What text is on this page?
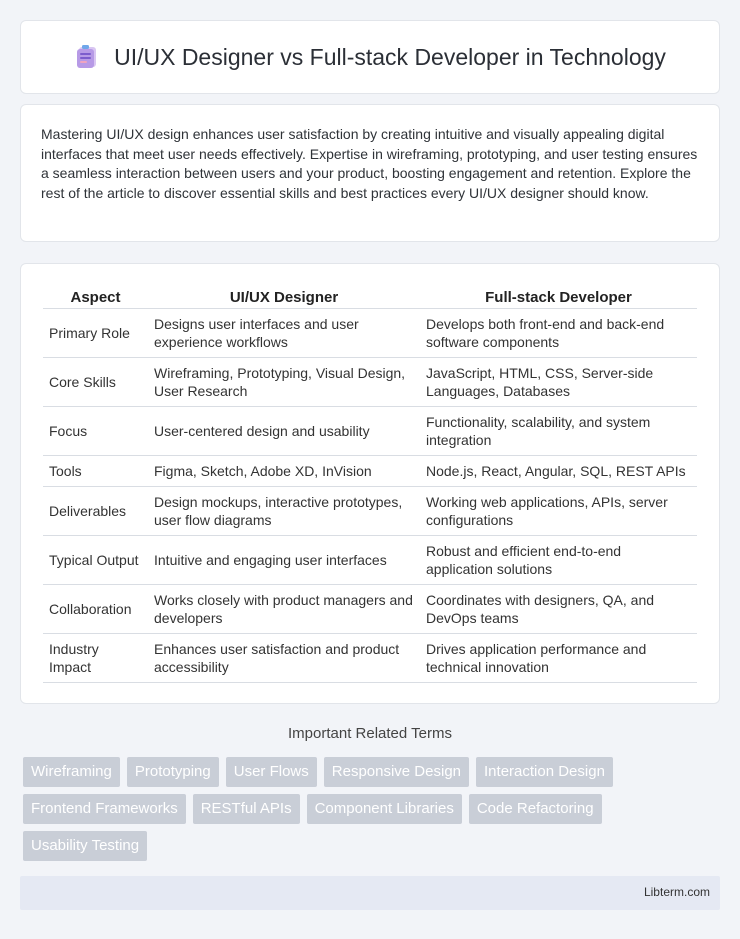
UI/UX Designer vs Full-stack Developer in Technology

Mastering UI/UX design enhances user satisfaction by creating intuitive and visually appealing digital interfaces that meet user needs effectively. Expertise in wireframing, prototyping, and user testing ensures a seamless interaction between users and your product, boosting engagement and retention. Explore the rest of the article to discover essential skills and best practices every UI/UX designer should know.

Aspect	UI/UX Designer	Full-stack Developer
Primary Role	Designs user interfaces and user experience workflows	Develops both front-end and back-end software components
Core Skills	Wireframing, Prototyping, Visual Design, User Research	JavaScript, HTML, CSS, Server-side Languages, Databases
Focus	User-centered design and usability	Functionality, scalability, and system integration
Tools	Figma, Sketch, Adobe XD, InVision	Node.js, React, Angular, SQL, REST APIs
Deliverables	Design mockups, interactive prototypes, user flow diagrams	Working web applications, APIs, server configurations
Typical Output	Intuitive and engaging user interfaces	Robust and efficient end-to-end application solutions
Collaboration	Works closely with product managers and developers	Coordinates with designers, QA, and DevOps teams
Industry Impact	Enhances user satisfaction and product accessibility	Drives application performance and technical innovation
Important Related Terms
Wireframing	Prototyping	User Flows	Responsive Design	Interaction Design
Frontend Frameworks	RESTful APIs	Component Libraries	Code Refactoring
Usability Testing
Libterm.com
